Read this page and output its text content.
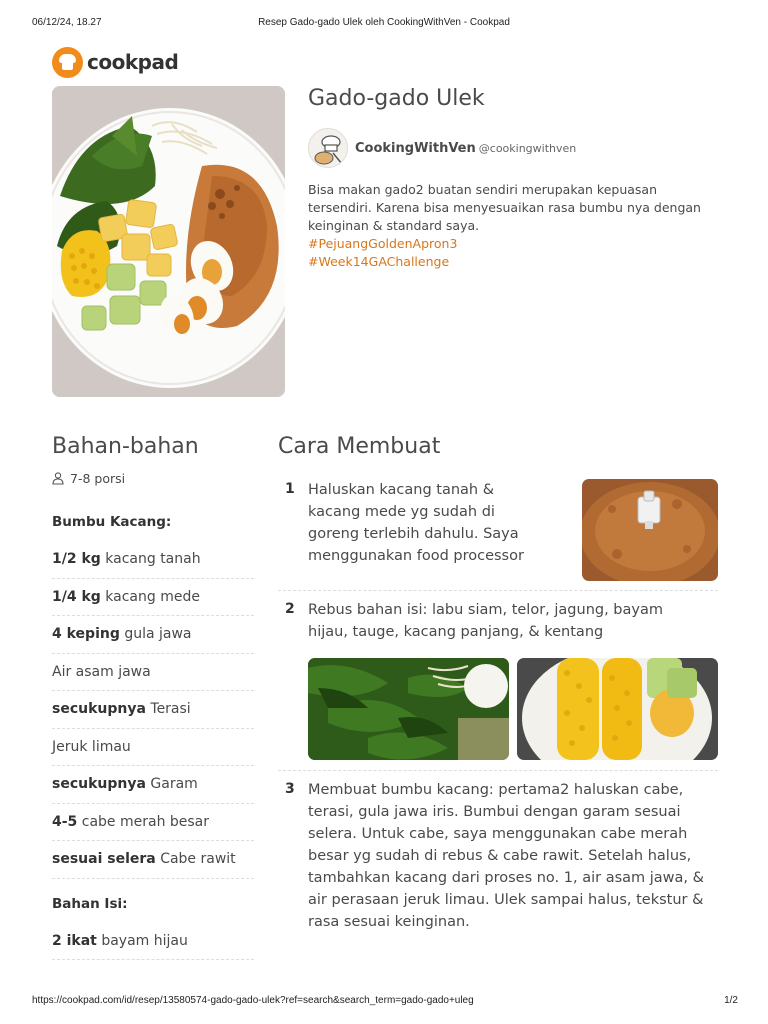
06/12/24, 18.27	Resep Gado-gado Ulek oleh CookingWithVen - Cookpad
cookpad
Gado-gado Ulek
CookingWithVen @cookingwithven
Bisa makan gado2 buatan sendiri merupakan kepuasan tersendiri. Karena bisa menyesuaikan rasa bumbu nya dengan keinginan & standard saya.
#PejuangGoldenApron3
#Week14GAChallenge
Bahan-bahan
7-8 porsi
Bumbu Kacang:
1/2 kg kacang tanah
1/4 kg kacang mede
4 keping gula jawa
Air asam jawa
secukupnya Terasi
Jeruk limau
secukupnya Garam
4-5 cabe merah besar
sesuai selera Cabe rawit
Bahan Isi:
2 ikat bayam hijau
Cara Membuat
1 Haluskan kacang tanah & kacang mede yg sudah di goreng terlebih dahulu. Saya menggunakan food processor

2 Rebus bahan isi: labu siam, telor, jagung, bayam hijau, tauge, kacang panjang, & kentang

3 Membuat bumbu kacang: pertama2 haluskan cabe, terasi, gula jawa iris. Bumbui dengan garam sesuai selera. Untuk cabe, saya menggunakan cabe merah besar yg sudah di rebus & cabe rawit. Setelah halus, tambahkan kacang dari proses no. 1, air asam jawa, & air perasaan jeruk limau. Ulek sampai halus, tekstur & rasa sesuai keinginan.

https://cookpad.com/id/resep/13580574-gado-gado-ulek?ref=search&search_term=gado-gado+uleg	1/2
